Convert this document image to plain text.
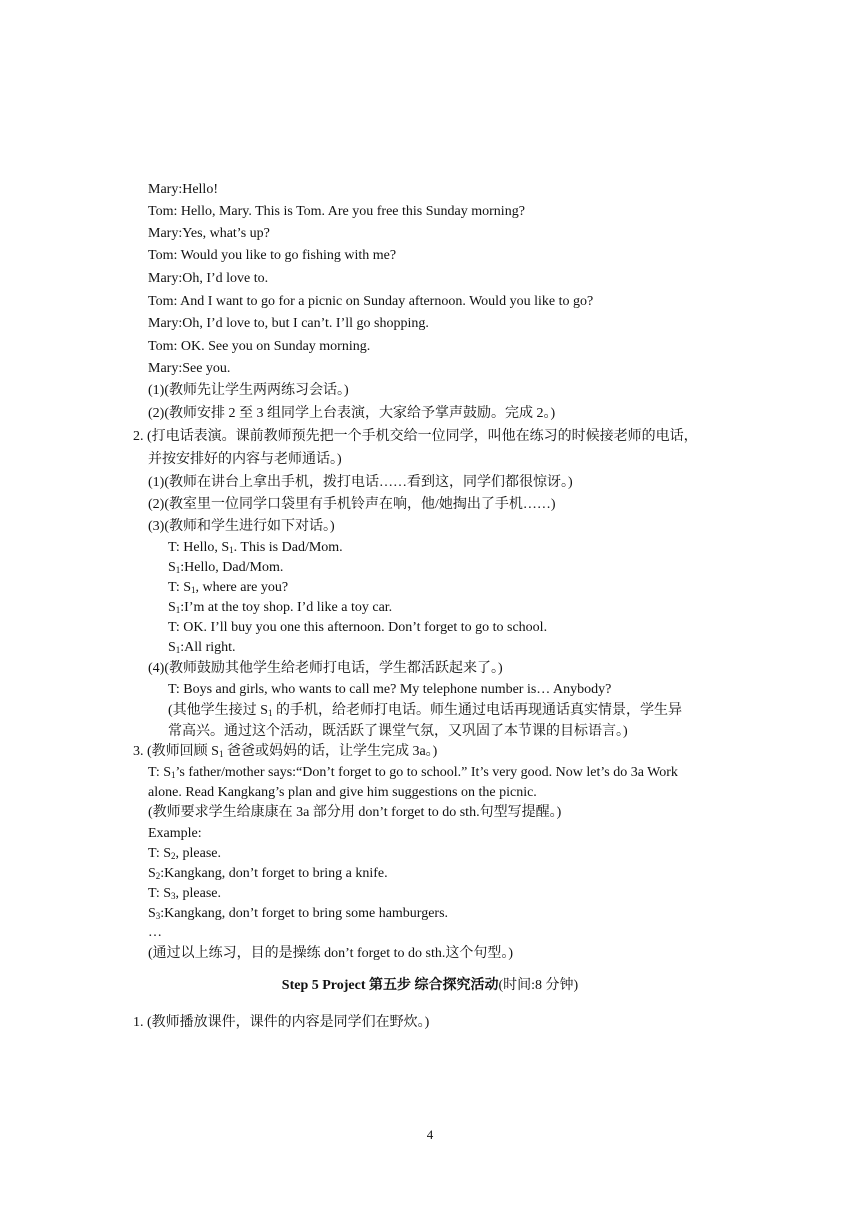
Mary:Hello!
Tom: Hello, Mary. This is Tom. Are you free this Sunday morning?
Mary:Yes, what’s up?
Tom: Would you like to go fishing with me?
Mary:Oh, I’d love to.
Tom: And I want to go for a picnic on Sunday afternoon. Would you like to go?
Mary:Oh, I’d love to, but I can’t. I’ll go shopping.
Tom: OK. See you on Sunday morning.
Mary:See you.
(1)(教师先让学生两两练习会话。)
(2)(教师安排 2 至 3 组同学上台表演，大家给予掌声鼓励。完成 2。)
2. (打电话表演。课前教师预先把一个手机交给一位同学，叫他在练习的时候接老师的电话，
并按安排好的内容与老师通话。)
(1)(教师在讲台上拿出手机，拨打电话……看到这，同学们都很惊讶。)
(2)(教室里一位同学口袋里有手机铃声在响，他/她掏出了手机……)
(3)(教师和学生进行如下对话。)
T: Hello, $S_1$. This is Dad/Mom.
$S_1:Hello$, Dad/Mom.
T: $S_1$, where are you?
$S_1:I’m$ at the toy shop. I’d like a toy car.
T: OK. I’ll buy you one this afternoon. Don’t forget to go to school.
$S_1:All$ right.
(4)(教师鼓励其他学生给老师打电话，学生都活跃起来了。)
T: Boys and girls, who wants to call me? My telephone number is… Anybody?
(其他学生接过 $S_1$ 的手机，给老师打电话。师生通过电话再现通话真实情景，学生异
常高兴。通过这个活动，既活跃了课堂气氛，又巩固了本节课的目标语言。)
3. (教师回顾 $S_1$ 爸爸或妈妈的话，让学生完成 3a。)
T: $S_1’s$ father/mother says:“Don’t forget to go to school.” It’s very good. Now let’s do 3a Work
alone. Read Kangkang’s plan and give him suggestions on the picnic.
(教师要求学生给康康在 3a 部分用 don’t forget to do sth.句型写提醒。)
Example:
T: $S_2$, please.
$S_2:Kangkang$, don’t forget to bring a knife.
T: $S_3$, please.
$S_3:Kangkang$, don’t forget to bring some hamburgers.
…
(通过以上练习，目的是操练 don’t forget to do sth.这个句型。)
Step 5 Project 第五步 综合探究活动(时间:8 分钟)
1. (教师播放课件，课件的内容是同学们在野炊。)
4
